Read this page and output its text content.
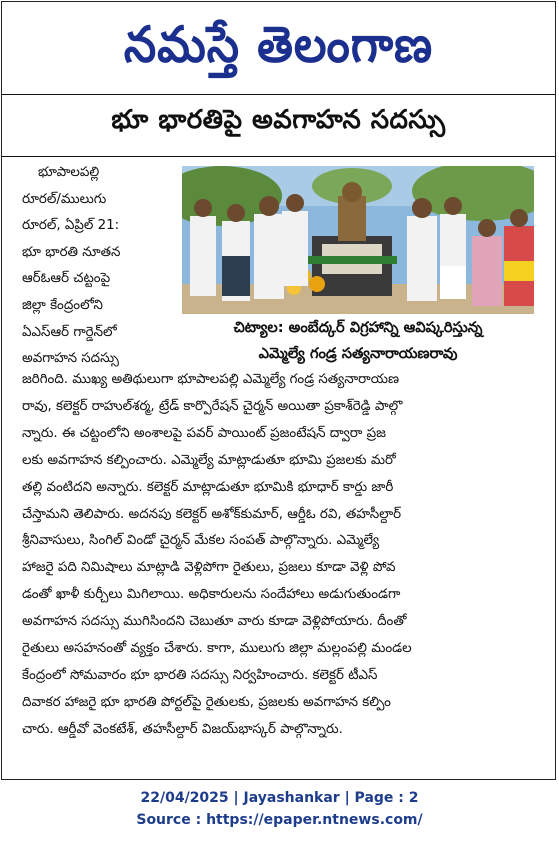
నమస్తే తెలంగాణ
భూ భారతిపై అవగాహన సదస్సు
భూపాలపల్లి
రూరల్/ములుగు
రూరల్, ఏప్రిల్ 21:
భూ భారతి నూతన
ఆర్ఓఆర్ చట్టంపై
జిల్లా కేంద్రంలోని
ఏఎస్ఆర్ గార్డెన్‌లో
అవగాహన సదస్సు
చిట్యాల: అంబేద్కర్ విగ్రహాన్ని ఆవిష్కరిస్తున్న
ఎమ్మెల్యే గండ్ర సత్యనారాయణరావు
జరిగింది. ముఖ్య అతిథులుగా భూపాలపల్లి ఎమ్మెల్యే గండ్ర సత్యనారాయణ
రావు, కలెక్టర్ రాహుల్‌శర్మ, ట్రేడ్ కార్పొరేషన్ చైర్మన్ అయితా ప్రకాశ్‌రెడ్డి పాల్గొ
న్నారు. ఈ చట్టంలోని అంశాలపై పవర్ పాయింట్ ప్రజంటేషన్ ద్వారా ప్రజ
లకు అవగాహన కల్పించారు. ఎమ్మెల్యే మాట్లాడుతూ భూమి ప్రజలకు మరో
తల్లి వంటిదని అన్నారు. కలెక్టర్ మాట్లాడుతూ భూమికి భూధార్ కార్డు జారీ
చేస్తామని తెలిపారు. అదనపు కలెక్టర్ అశోక్‌కుమార్, ఆర్డీఓ రవి, తహసీల్దార్
శ్రీనివాసులు, సింగిల్ విండో చైర్మన్ మేకల సంపత్ పాల్గొన్నారు. ఎమ్మెల్యే
హాజరై పది నిమిషాలు మాట్లాడి వెళ్లిపోగా రైతులు, ప్రజలు కూడా వెళ్లి పోవ
డంతో ఖాళీ కుర్చీలు మిగిలాయి. అధికారులను సందేహాలు అడుగుతుండగా
అవగాహన సదస్సు ముగిసిందని చెబుతూ వారు కూడా వెళ్లిపోయారు. దీంతో
రైతులు అసహనంతో వ్యక్తం చేశారు. కాగా, ములుగు జిల్లా మల్లంపల్లి మండల
కేంద్రంలో సోమవారం భూ భారతి సదస్సు నిర్వహించారు. కలెక్టర్ టీఎస్
దివాకర హాజరై భూ భారతి పోర్టల్‌పై రైతులకు, ప్రజలకు అవగాహన కల్పిం
చారు. ఆర్డీవో వెంకటేశ్, తహసీల్దార్ విజయ్‌భాస్కర్ పాల్గొన్నారు.
22/04/2025 | Jayashankar | Page : 2
Source : https://epaper.ntnews.com/
